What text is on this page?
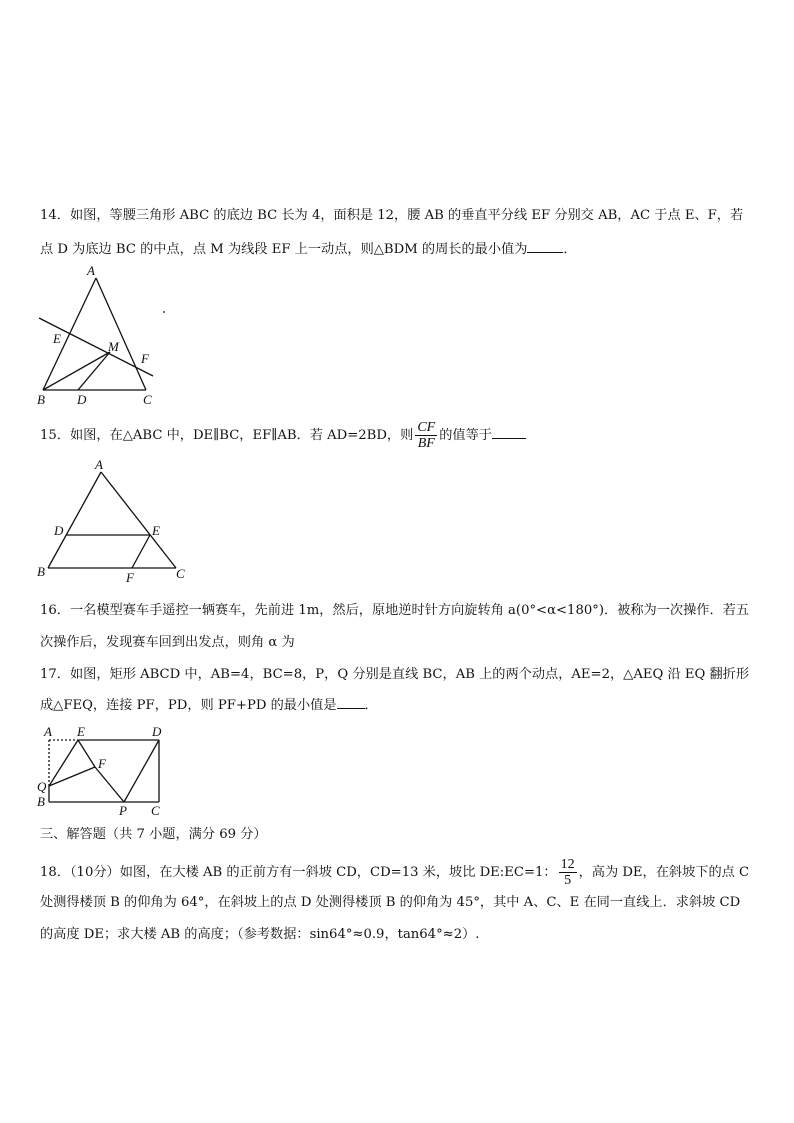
14．如图，等腰三角形 ABC 的底边 BC 长为 4，面积是 12，腰 AB 的垂直平分线 EF 分别交 AB，AC 于点 E、F，若
点 D 为底边 BC 的中点，点 M 为线段 EF 上一动点，则△BDM 的周长的最小值为	．
A
E
M
F
B D	C
A
D	E
B	F	C
A E	D
F
Q
B
P C
15．如图，在△ABC 中，DE∥BC，EF∥AB．若 AD=2BD，则 $\frac{CF}{BF}$ 的值等于
16．一名模型赛车手遥控一辆赛车，先前进 1m，然后，原地逆时针方向旋转角 a(0°<α<180°)．被称为一次操作．若五
次操作后，发现赛车回到出发点，则角 α 为
17．如图，矩形 ABCD 中，AB=4，BC=8，P，Q 分别是直线 BC，AB 上的两个动点，AE=2，△AEQ 沿 EQ 翻折形
成△FEQ，连接 PF，PD，则 PF+PD 的最小值是 ．
三、解答题（共 7 小题，满分 69 分）
18．（10分）如图，在大楼 AB 的正前方有一斜坡 CD，CD=13 米，坡比 DE:EC=1： $\frac{12}{5}$ ，高为 DE，在斜坡下的点 C
处测得楼顶 B 的仰角为 64°，在斜坡上的点 D 处测得楼顶 B 的仰角为 45°，其中 A、C、E 在同一直线上．求斜坡 CD
的高度 DE；求大楼 AB 的高度；（参考数据：sin64°≈0.9，tan64°≈2）.
